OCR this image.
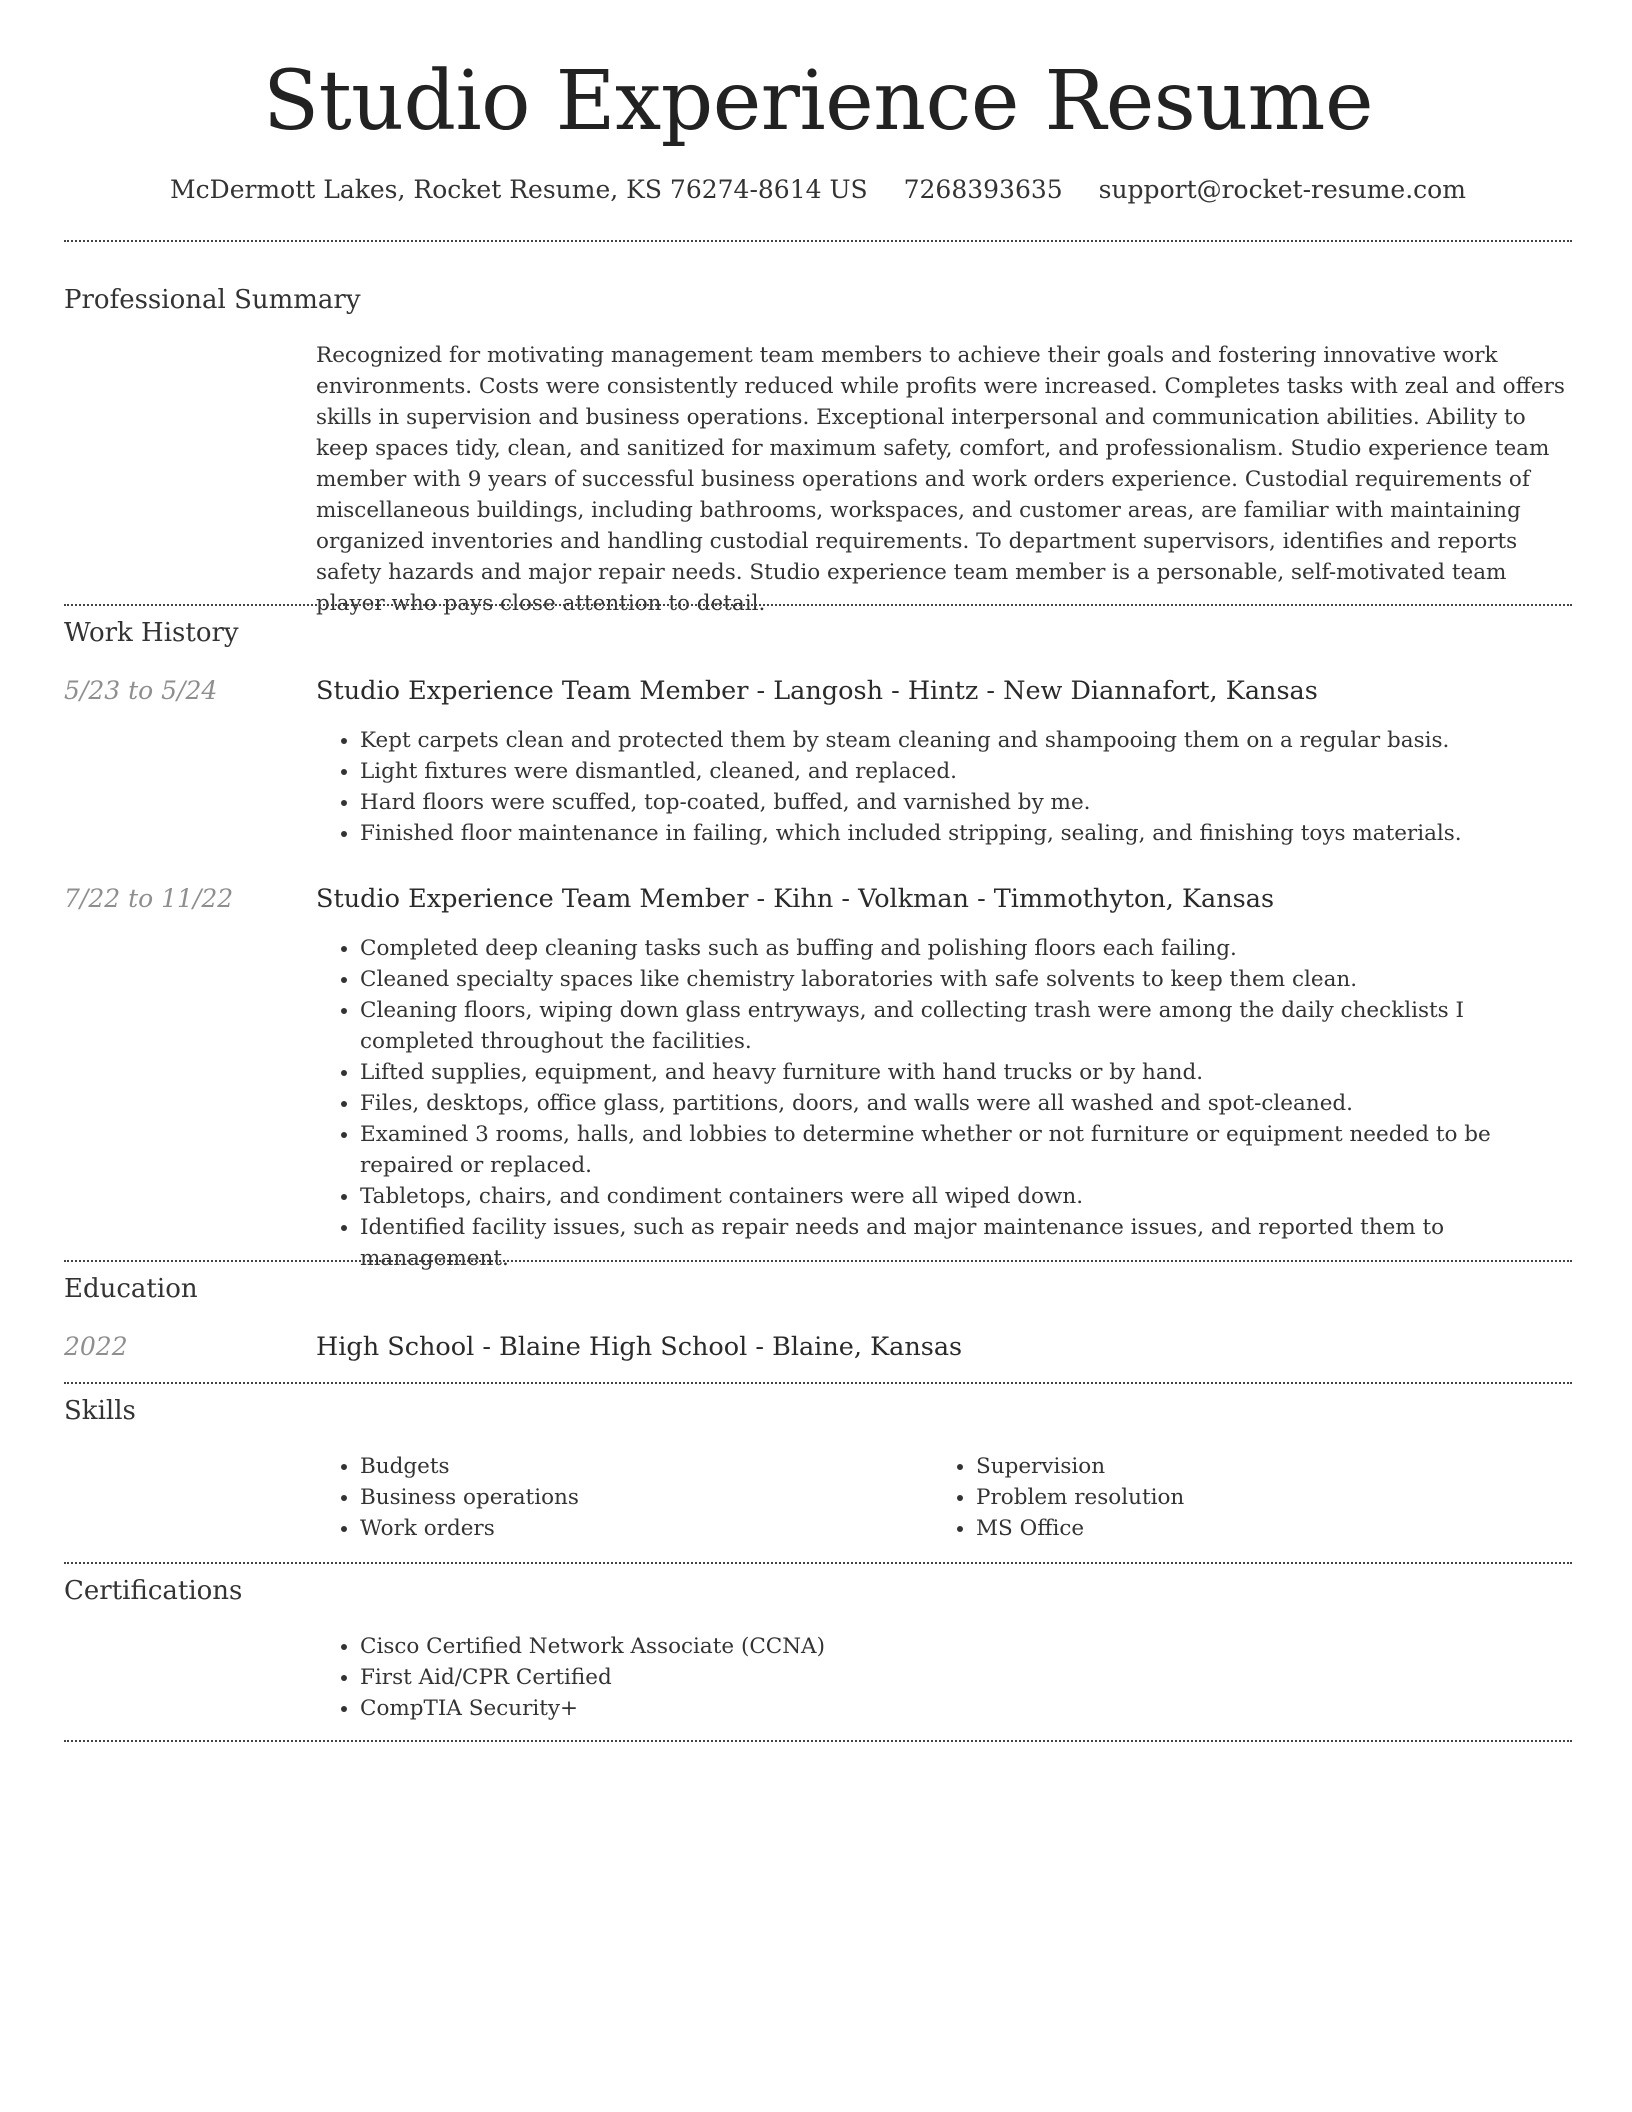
Studio Experience Resume
McDermott Lakes, Rocket Resume, KS 76274-8614 US 7268393635 support@rocket-resume.com
Professional Summary

Recognized for motivating management team members to achieve their goals and fostering innovative work environments. Costs were consistently reduced while profits were increased. Completes tasks with zeal and offers skills in supervision and business operations. Exceptional interpersonal and communication abilities. Ability to keep spaces tidy, clean, and sanitized for maximum safety, comfort, and professionalism. Studio experience team member with 9 years of successful business operations and work orders experience. Custodial requirements of miscellaneous buildings, including bathrooms, workspaces, and customer areas, are familiar with maintaining organized inventories and handling custodial requirements. To department supervisors, identifies and reports safety hazards and major repair needs. Studio experience team member is a personable, self-motivated team player who pays close attention to detail.

Work History
5/23 to 5/24	Studio Experience Team Member - Langosh - Hintz - New Diannafort, Kansas
• Kept carpets clean and protected them by steam cleaning and shampooing them on a regular basis.
• Light fixtures were dismantled, cleaned, and replaced.
• Hard floors were scuffed, top-coated, buffed, and varnished by me.
• Finished floor maintenance in failing, which included stripping, sealing, and finishing toys materials.
7/22 to 11/22	Studio Experience Team Member - Kihn - Volkman - Timmothyton, Kansas
• Completed deep cleaning tasks such as buffing and polishing floors each failing.
• Cleaned specialty spaces like chemistry laboratories with safe solvents to keep them clean.
• Cleaning floors, wiping down glass entryways, and collecting trash were among the daily checklists I completed throughout the facilities.
• Lifted supplies, equipment, and heavy furniture with hand trucks or by hand.
• Files, desktops, office glass, partitions, doors, and walls were all washed and spot-cleaned.
• Examined 3 rooms, halls, and lobbies to determine whether or not furniture or equipment needed to be repaired or replaced.
• Tabletops, chairs, and condiment containers were all wiped down.
• Identified facility issues, such as repair needs and major maintenance issues, and reported them to management.
Education
2022	High School - Blaine High School - Blaine, Kansas
Skills
• Budgets
• Business operations
• Work orders
• Supervision
• Problem resolution
• MS Office
Certifications
• Cisco Certified Network Associate (CCNA)
• First Aid/CPR Certified
• CompTIA Security+
